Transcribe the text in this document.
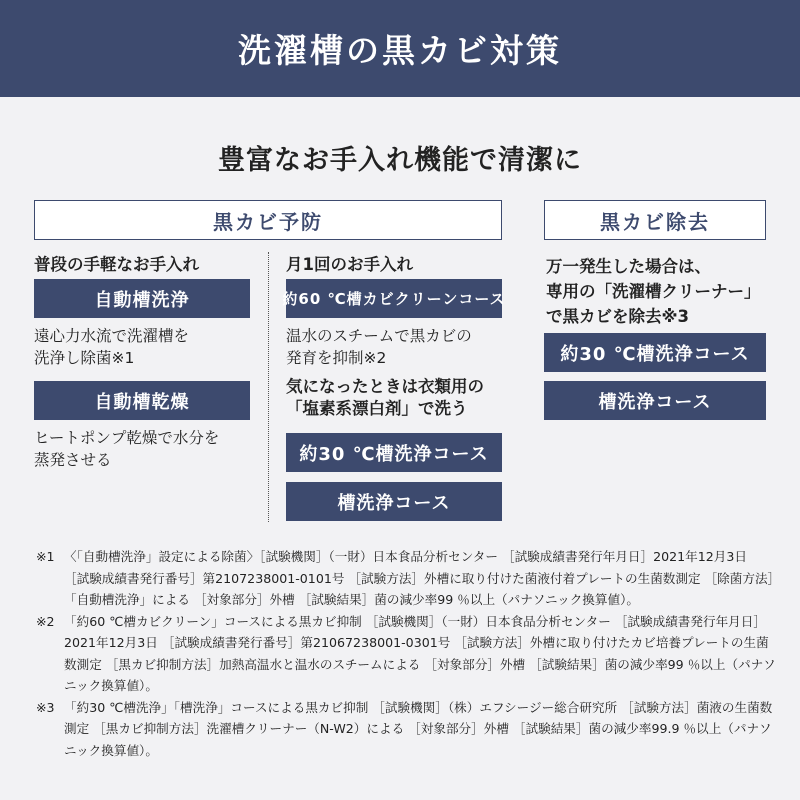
洗濯槽の黒カビ対策
豊富なお手入れ機能で清潔に
黒カビ予防
普段の手軽なお手入れ
自動槽洗浄
遠心力水流で洗濯槽を
洗浄し除菌※1
自動槽乾燥
ヒートポンプ乾燥で水分を
蒸発させる
月1回のお手入れ
約60 ℃槽カビクリーンコース
温水のスチームで黒カビの
発育を抑制※2
気になったときは衣類用の
「塩素系漂白剤」で洗う
約30 ℃槽洗浄コース
槽洗浄コース
黒カビ除去
万一発生した場合は、
専用の「洗濯槽クリーナー」
で黒カビを除去※3
約30 ℃槽洗浄コース
槽洗浄コース
※1 〈「自動槽洗浄」設定による除菌〉［試験機関］（一財）日本食品分析センター ［試験成績書発行年月日］2021年12月3日 ［試験成績書発行番号］第2107238001-0101号 ［試験方法］外槽に取り付けた菌液付着プレートの生菌数測定 ［除菌方法］「自動槽洗浄」による ［対象部分］外槽 ［試験結果］菌の減少率99 ％以上（パナソニック換算値）。
※2 「約60 ℃槽カビクリーン」コースによる黒カビ抑制 ［試験機関］（一財）日本食品分析センター ［試験成績書発行年月日］2021年12月3日 ［試験成績書発行番号］第21067238001-0301号 ［試験方法］外槽に取り付けたカビ培養プレートの生菌数測定 ［黒カビ抑制方法］加熱高温水と温水のスチームによる ［対象部分］外槽 ［試験結果］菌の減少率99 ％以上（パナソニック換算値）。
※3 「約30 ℃槽洗浄」「槽洗浄」コースによる黒カビ抑制 ［試験機関］（株）エフシージー総合研究所 ［試験方法］菌液の生菌数測定 ［黒カビ抑制方法］洗濯槽クリーナー（N-W2）による ［対象部分］外槽 ［試験結果］菌の減少率99.9 ％以上（パナソニック換算値）。
